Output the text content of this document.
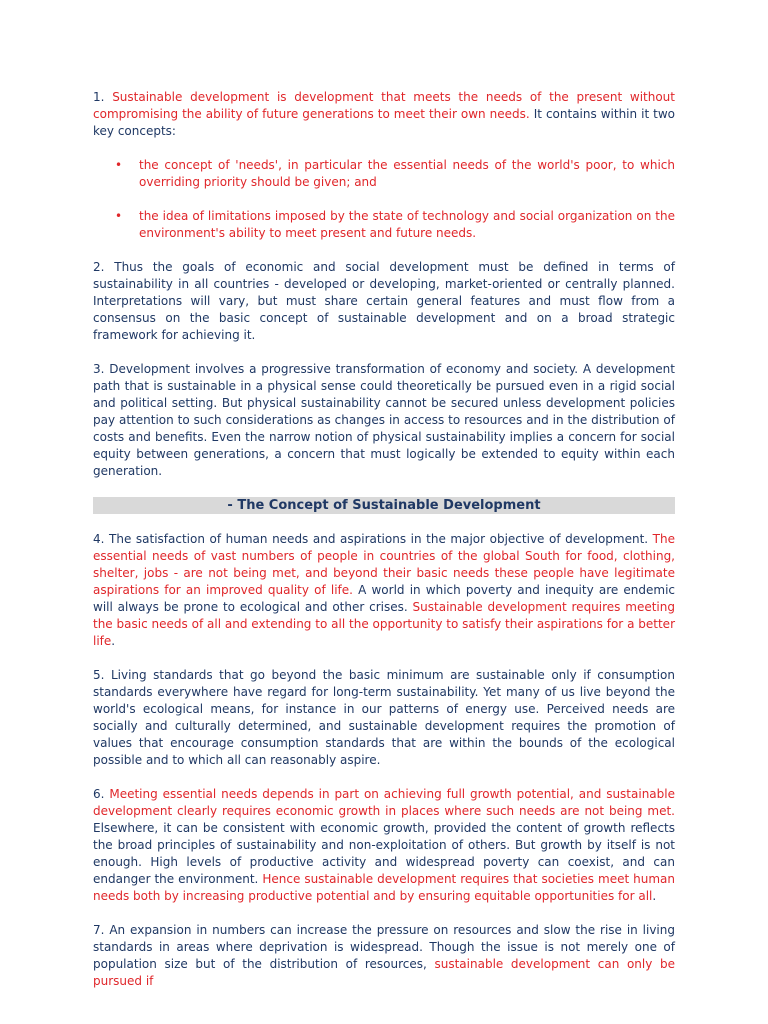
1. Sustainable development is development that meets the needs of the present without compromising the ability of future generations to meet their own needs. It contains within it two key concepts:

• the concept of 'needs', in particular the essential needs of the world's poor, to which overriding priority should be given; and
• the idea of limitations imposed by the state of technology and social organization on the environment's ability to meet present and future needs.

2. Thus the goals of economic and social development must be defined in terms of sustainability in all countries - developed or developing, market-oriented or centrally planned. Interpretations will vary, but must share certain general features and must flow from a consensus on the basic concept of sustainable development and on a broad strategic framework for achieving it.

3. Development involves a progressive transformation of economy and society. A development path that is sustainable in a physical sense could theoretically be pursued even in a rigid social and political setting. But physical sustainability cannot be secured unless development policies pay attention to such considerations as changes in access to resources and in the distribution of costs and benefits. Even the narrow notion of physical sustainability implies a concern for social equity between generations, a concern that must logically be extended to equity within each generation.

- The Concept of Sustainable Development

4. The satisfaction of human needs and aspirations in the major objective of development. The essential needs of vast numbers of people in countries of the global South for food, clothing, shelter, jobs - are not being met, and beyond their basic needs these people have legitimate aspirations for an improved quality of life. A world in which poverty and inequity are endemic will always be prone to ecological and other crises. Sustainable development requires meeting the basic needs of all and extending to all the opportunity to satisfy their aspirations for a better life.

5. Living standards that go beyond the basic minimum are sustainable only if consumption standards everywhere have regard for long-term sustainability. Yet many of us live beyond the world's ecological means, for instance in our patterns of energy use. Perceived needs are socially and culturally determined, and sustainable development requires the promotion of values that encourage consumption standards that are within the bounds of the ecological possible and to which all can reasonably aspire.

6. Meeting essential needs depends in part on achieving full growth potential, and sustainable development clearly requires economic growth in places where such needs are not being met. Elsewhere, it can be consistent with economic growth, provided the content of growth reflects the broad principles of sustainability and non-exploitation of others. But growth by itself is not enough. High levels of productive activity and widespread poverty can coexist, and can endanger the environment. Hence sustainable development requires that societies meet human needs both by increasing productive potential and by ensuring equitable opportunities for all.

7. An expansion in numbers can increase the pressure on resources and slow the rise in living standards in areas where deprivation is widespread. Though the issue is not merely one of population size but of the distribution of resources, sustainable development can only be pursued if
